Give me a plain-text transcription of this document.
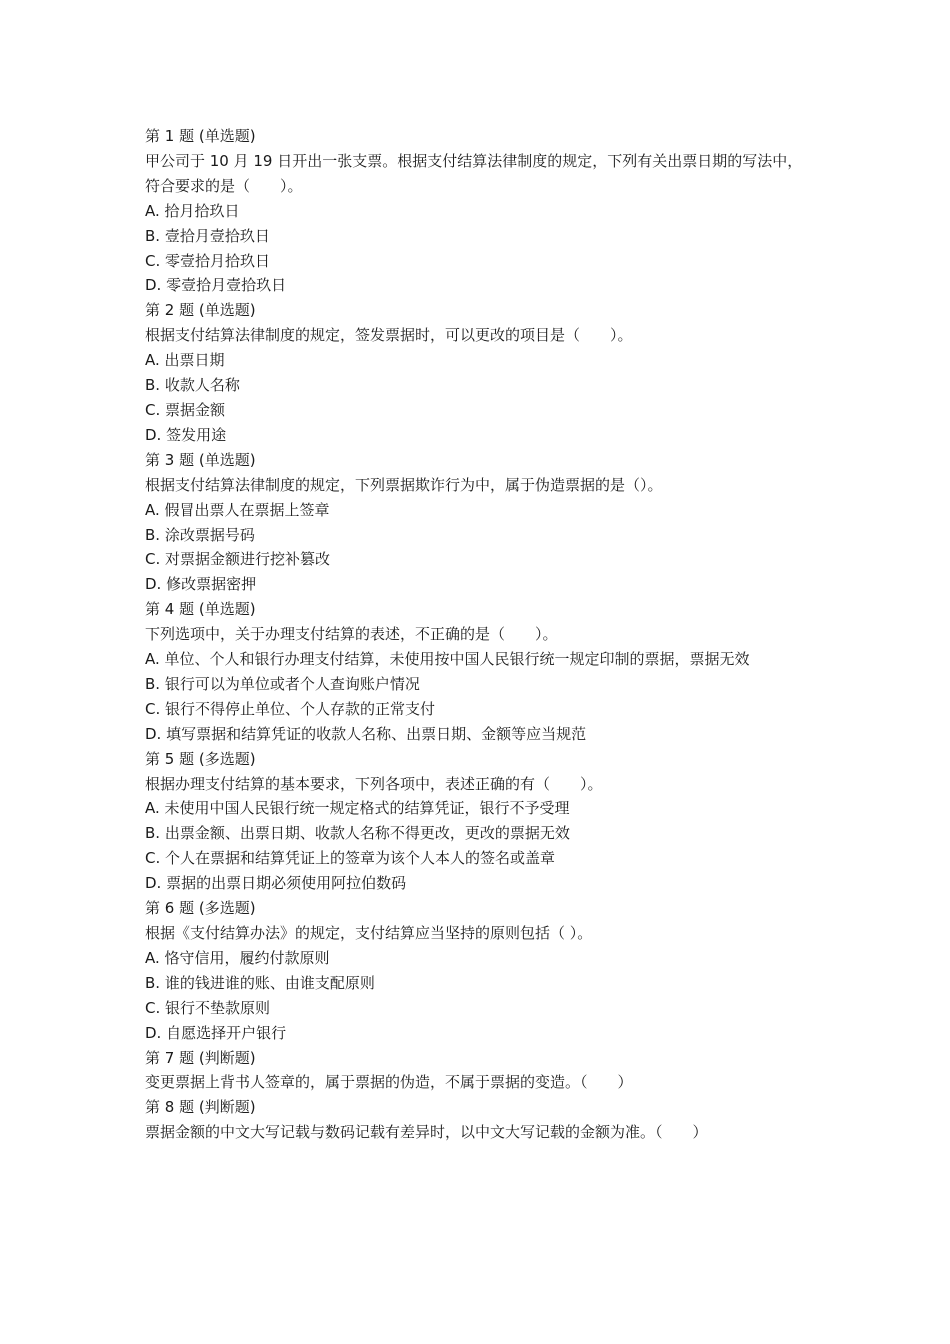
第 1 题 (单选题)
甲公司于 10 月 19 日开出一张支票。根据支付结算法律制度的规定，下列有关出票日期的写法中，符合要求的是（　　）。
A. 拾月拾玖日
B. 壹拾月壹拾玖日
C. 零壹拾月拾玖日
D. 零壹拾月壹拾玖日
第 2 题 (单选题)
根据支付结算法律制度的规定，签发票据时，可以更改的项目是（　　）。
A. 出票日期
B. 收款人名称
C. 票据金额
D. 签发用途
第 3 题 (单选题)
根据支付结算法律制度的规定，下列票据欺诈行为中，属于伪造票据的是（）。
A. 假冒出票人在票据上签章
B. 涂改票据号码
C. 对票据金额进行挖补篡改
D. 修改票据密押
第 4 题 (单选题)
下列选项中，关于办理支付结算的表述，不正确的是（　　）。
A. 单位、个人和银行办理支付结算，未使用按中国人民银行统一规定印制的票据，票据无效
B. 银行可以为单位或者个人查询账户情况
C. 银行不得停止单位、个人存款的正常支付
D. 填写票据和结算凭证的收款人名称、出票日期、金额等应当规范
第 5 题 (多选题)
根据办理支付结算的基本要求，下列各项中，表述正确的有（　　）。
A. 未使用中国人民银行统一规定格式的结算凭证，银行不予受理
B. 出票金额、出票日期、收款人名称不得更改，更改的票据无效
C. 个人在票据和结算凭证上的签章为该个人本人的签名或盖章
D. 票据的出票日期必须使用阿拉伯数码
第 6 题 (多选题)
根据《支付结算办法》的规定，支付结算应当坚持的原则包括（ ）。
A. 恪守信用，履约付款原则
B. 谁的钱进谁的账、由谁支配原则
C. 银行不垫款原则
D. 自愿选择开户银行
第 7 题 (判断题)
变更票据上背书人签章的，属于票据的伪造，不属于票据的变造。（　　）
第 8 题 (判断题)
票据金额的中文大写记载与数码记载有差异时，以中文大写记载的金额为准。（　　）
